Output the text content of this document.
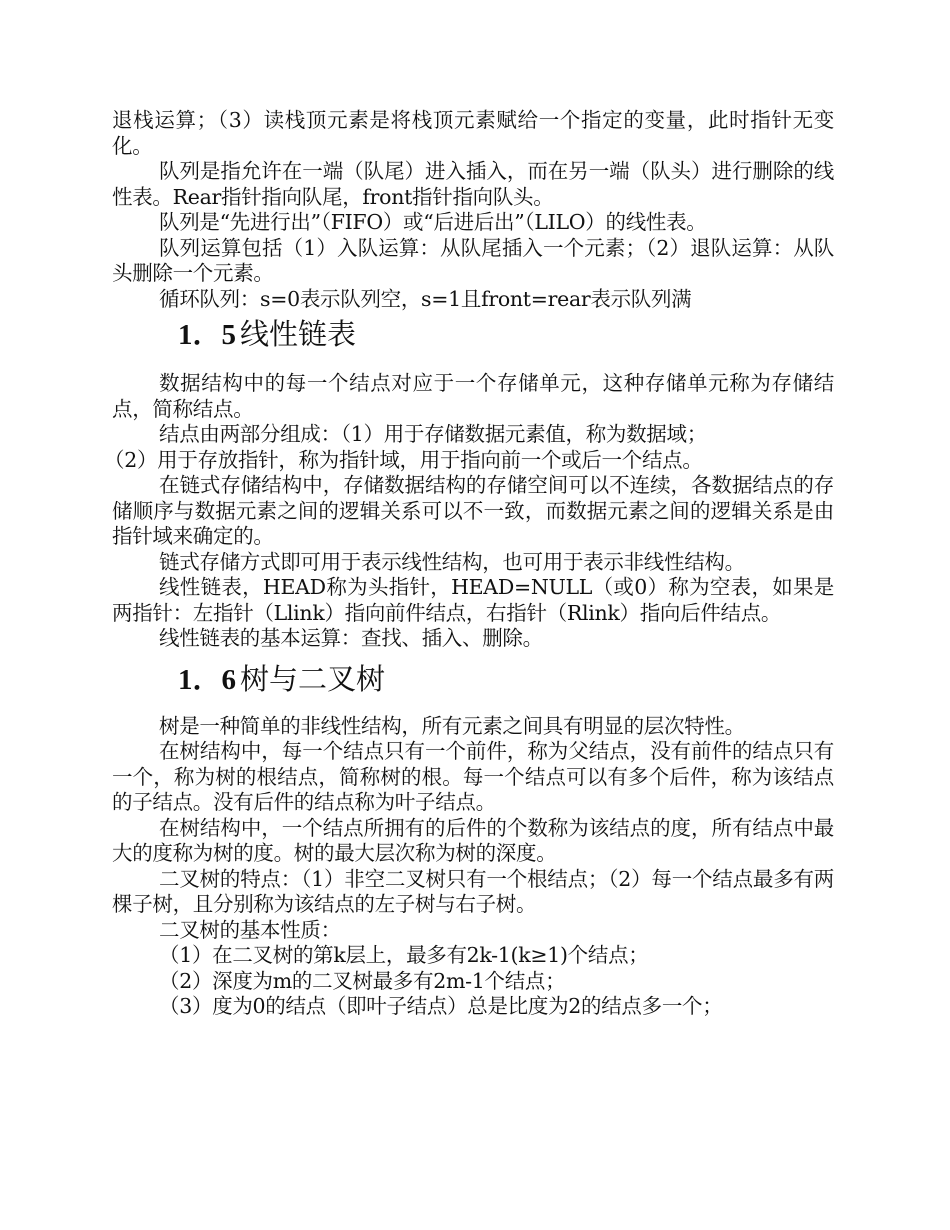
退栈运算；（3）读栈顶元素是将栈顶元素赋给一个指定的变量，此时指针无变化。

队列是指允许在一端（队尾）进入插入，而在另一端（队头）进行删除的线性表。Rear指针指向队尾，front指针指向队头。

队列是“先进行出”（FIFO）或“后进后出”（LILO）的线性表。

队列运算包括（1）入队运算：从队尾插入一个元素；（2）退队运算：从队头删除一个元素。

循环队列：s=0表示队列空，s=1且front=rear表示队列满

1．5 线性链表

数据结构中的每一个结点对应于一个存储单元，这种存储单元称为存储结点，简称结点。

结点由两部分组成：（1）用于存储数据元素值，称为数据域；

（2）用于存放指针，称为指针域，用于指向前一个或后一个结点。

在链式存储结构中，存储数据结构的存储空间可以不连续，各数据结点的存储顺序与数据元素之间的逻辑关系可以不一致，而数据元素之间的逻辑关系是由指针域来确定的。

链式存储方式即可用于表示线性结构，也可用于表示非线性结构。

线性链表，HEAD称为头指针，HEAD=NULL（或0）称为空表，如果是两指针：左指针（Llink）指向前件结点，右指针（Rlink）指向后件结点。

线性链表的基本运算：查找、插入、删除。

1．6 树与二叉树

树是一种简单的非线性结构，所有元素之间具有明显的层次特性。

在树结构中，每一个结点只有一个前件，称为父结点，没有前件的结点只有一个，称为树的根结点，简称树的根。每一个结点可以有多个后件，称为该结点的子结点。没有后件的结点称为叶子结点。

在树结构中，一个结点所拥有的后件的个数称为该结点的度，所有结点中最大的度称为树的度。树的最大层次称为树的深度。

二叉树的特点：（1）非空二叉树只有一个根结点；（2）每一个结点最多有两棵子树，且分别称为该结点的左子树与右子树。

二叉树的基本性质：

（1）在二叉树的第k层上，最多有2k-1(k≥1)个结点；

（2）深度为m的二叉树最多有2m-1个结点；

（3）度为0的结点（即叶子结点）总是比度为2的结点多一个；
